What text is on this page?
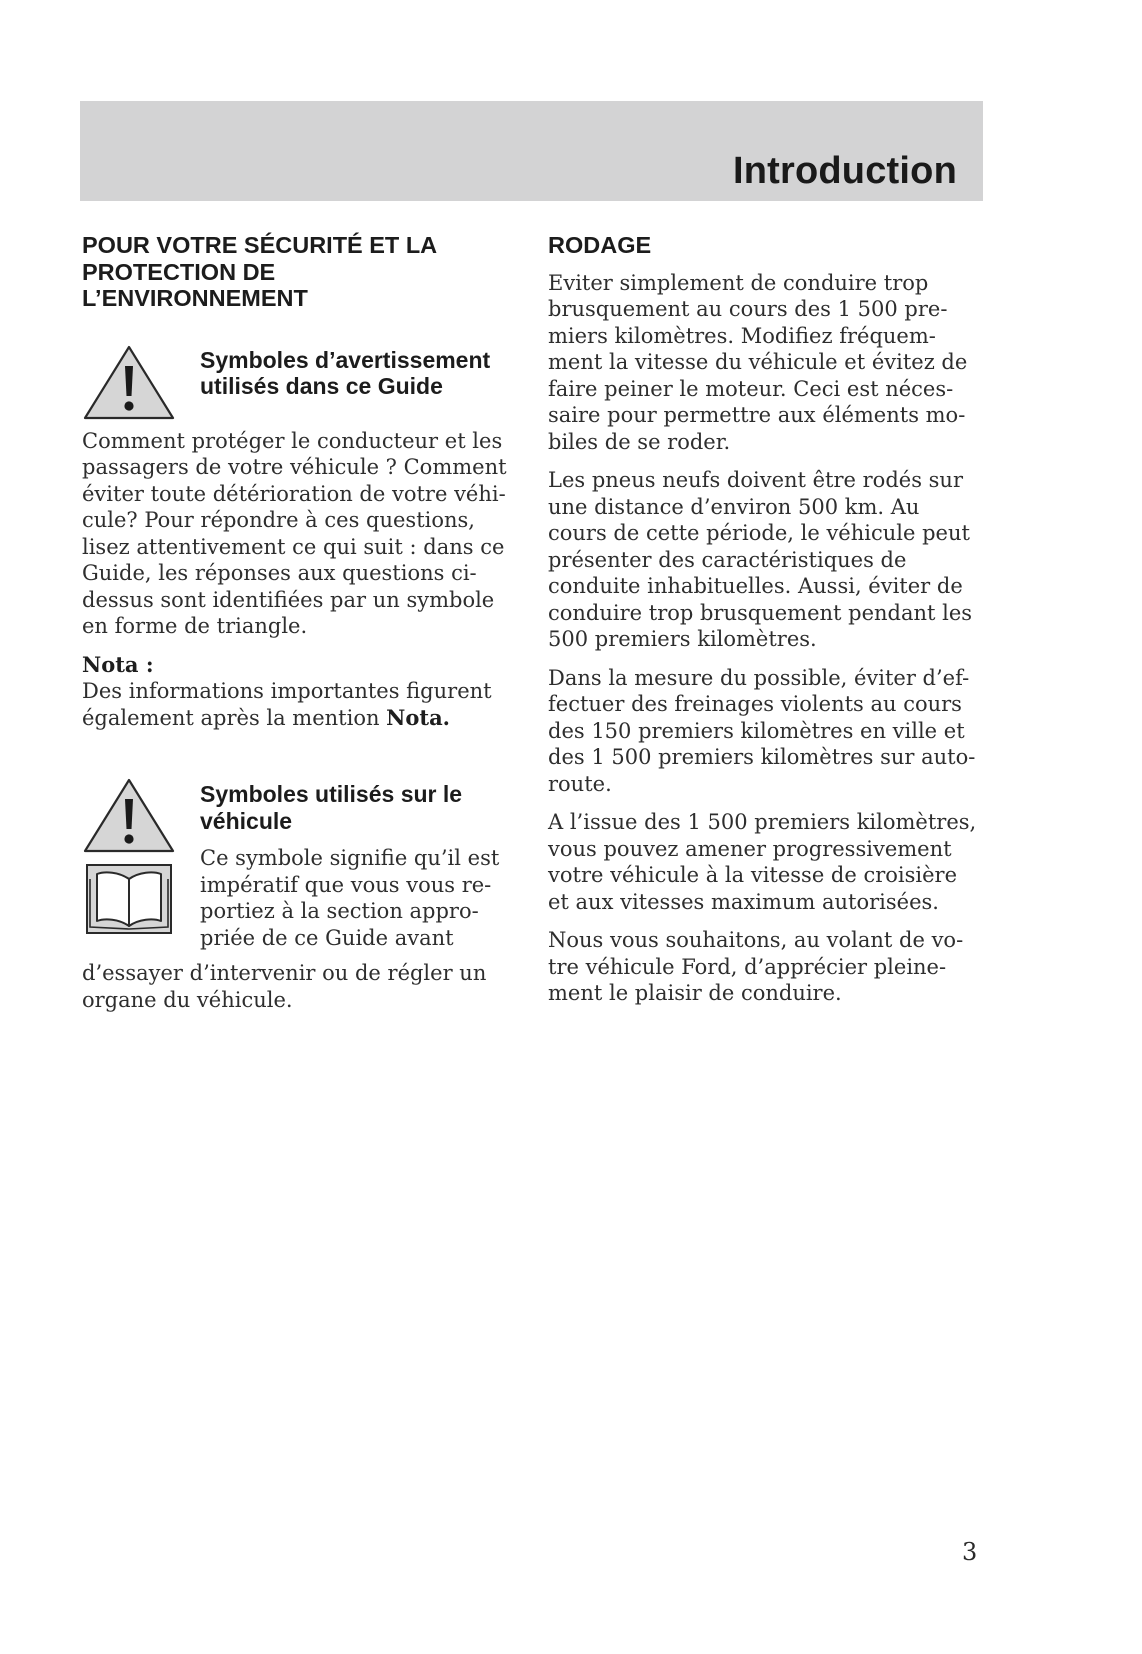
Introduction
POUR VOTRE SÉCURITÉ ET LA
PROTECTION DE
L’ENVIRONNEMENT
Symboles d’avertissement
utilisés dans ce Guide
Comment protéger le conducteur et les
passagers de votre véhicule ? Comment
éviter toute détérioration de votre véhi-
cule? Pour répondre à ces questions,
lisez attentivement ce qui suit : dans ce
Guide, les réponses aux questions ci-
dessus sont identifiées par un symbole
en forme de triangle.
Nota :
Des informations importantes figurent
également après la mention Nota.
Symboles utilisés sur le
véhicule
Ce symbole signifie qu’il est
impératif que vous vous re-
portiez à la section appro-
priée de ce Guide avant
d’essayer d’intervenir ou de régler un
organe du véhicule.
RODAGE
Eviter simplement de conduire trop
brusquement au cours des 1 500 pre-
miers kilomètres. Modifiez fréquem-
ment la vitesse du véhicule et évitez de
faire peiner le moteur. Ceci est néces-
saire pour permettre aux éléments mo-
biles de se roder.
Les pneus neufs doivent être rodés sur
une distance d’environ 500 km. Au
cours de cette période, le véhicule peut
présenter des caractéristiques de
conduite inhabituelles. Aussi, éviter de
conduire trop brusquement pendant les
500 premiers kilomètres.
Dans la mesure du possible, éviter d’ef-
fectuer des freinages violents au cours
des 150 premiers kilomètres en ville et
des 1 500 premiers kilomètres sur auto-
route.
A l’issue des 1 500 premiers kilomètres,
vous pouvez amener progressivement
votre véhicule à la vitesse de croisière
et aux vitesses maximum autorisées.
Nous vous souhaitons, au volant de vo-
tre véhicule Ford, d’apprécier pleine-
ment le plaisir de conduire.
3
